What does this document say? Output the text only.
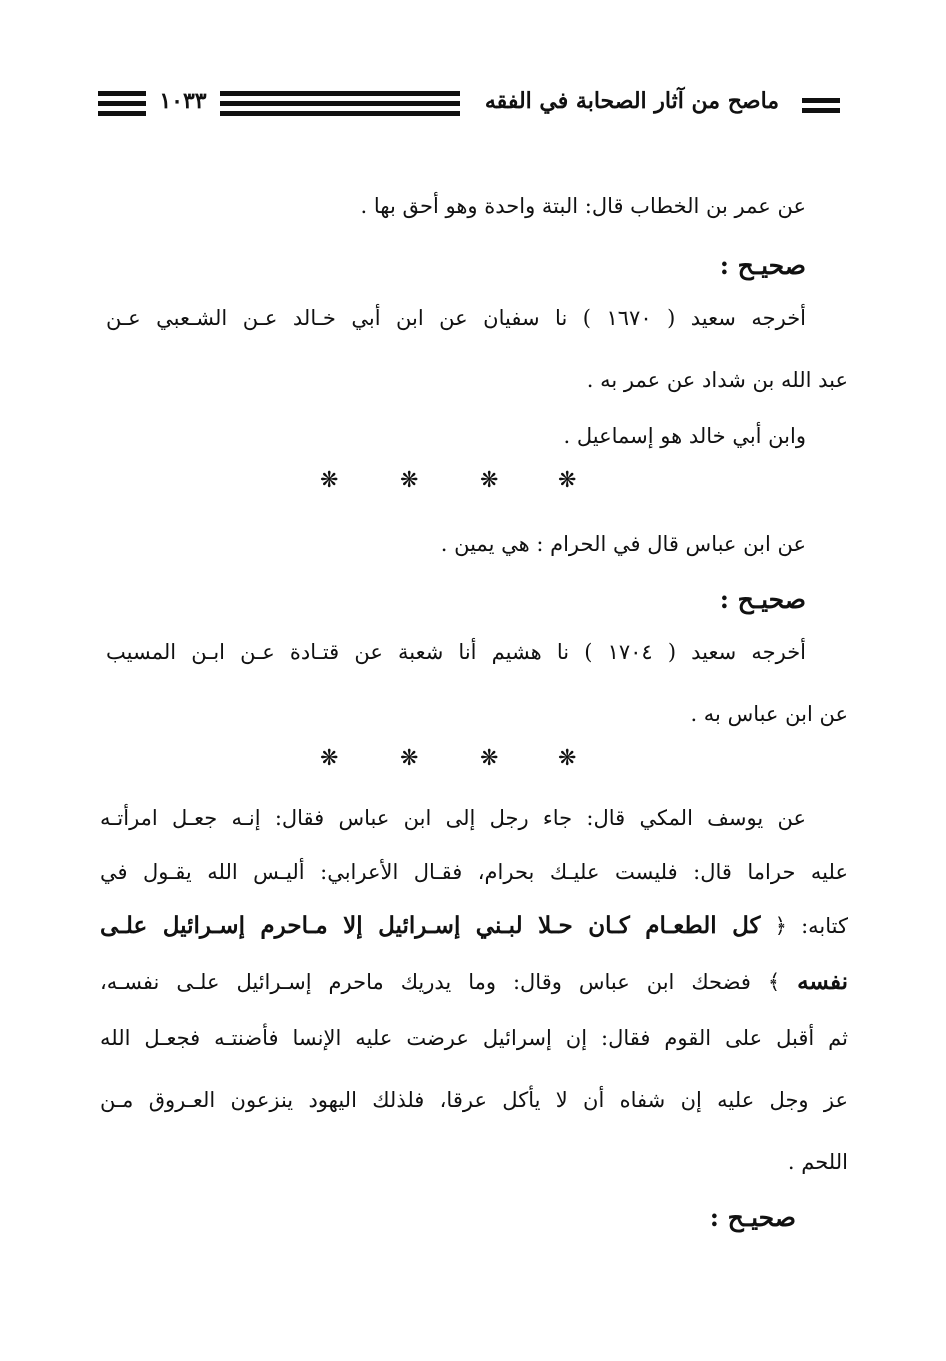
١٠٣٣	ماصح من آثار الصحابة في الفقه
عن عمر بن الخطاب قال: البتة واحدة وهو أحق بها .
صحيـح :
أخرجه سعيد ( ١٦٧٠ ) نا سفيان عن ابن أبي خـالد عـن الشـعبي عـن
عبد الله بن شداد عن عمر به .
وابن أبي خالد هو إسماعيل .
❋	❋	❋	❋
عن ابن عباس قال في الحرام : هي يمين .
صحيـح :
أخرجه سعيد ( ١٧٠٤ ) نا هشيم أنا شعبة عن قتـادة عـن ابـن المسيب
عن ابن عباس به .
❋	❋	❋	❋
عن يوسف المكي قال: جاء رجل إلى ابن عباس فقال: إنـه جعـل امرأتـه
عليه حراما قال: فليست عليـك بحرام، فقـال الأعرابي: أليـس الله يقـول في
كتابه: ﴿ كل الطعـام كـان حـلا لبـني إسـرائيل إلا مـاحرم إسـرائيل علـى
نفسه ﴾ فضحك ابن عباس وقال: وما يدريك ماحرم إسـرائيل علـى نفسـه،
ثم أقبل على القوم فقال: إن إسرائيل عرضت عليه الإنسا فأضنتـه فجعـل الله
عز وجل عليه إن شفاه أن لا يأكل عرقا، فلذلك اليهود ينزعون العـروق مـن
اللحم .
صحيـح :
